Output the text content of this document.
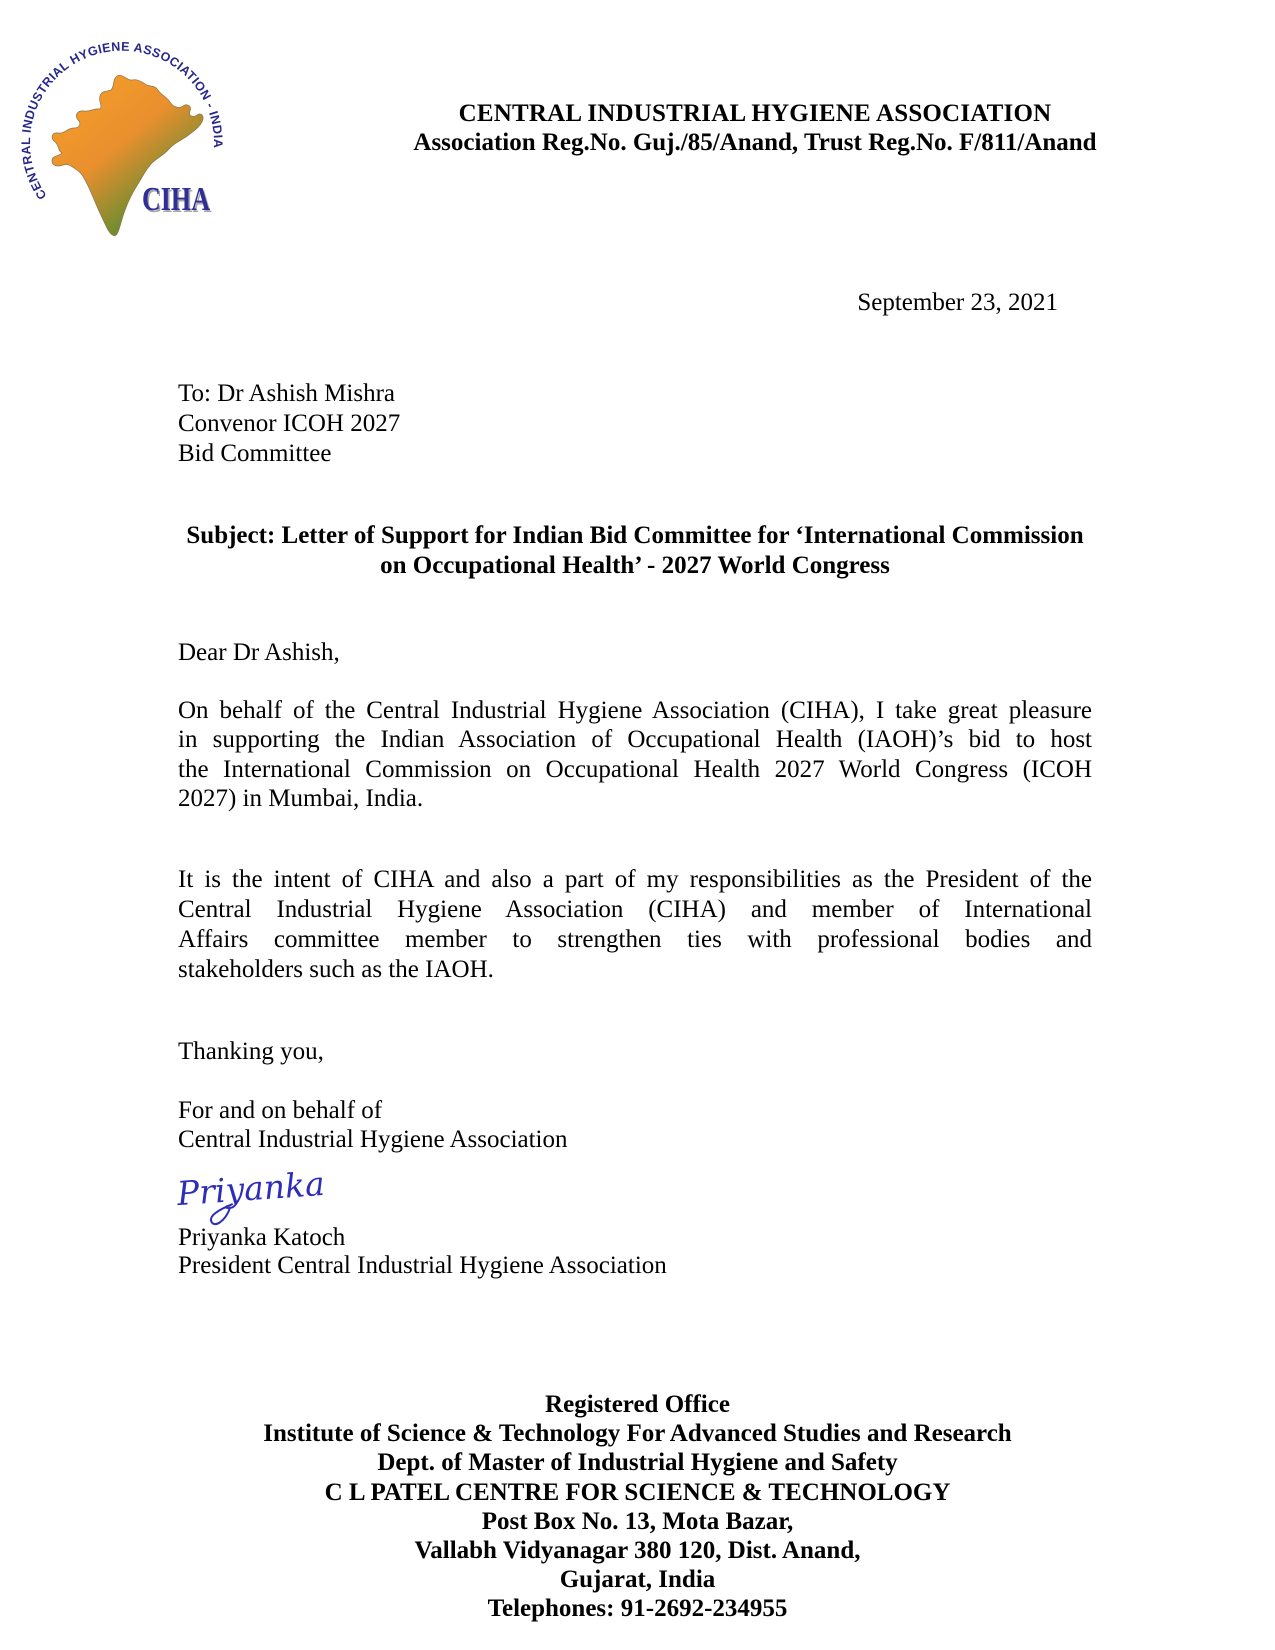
CENTRAL INDUSTRIAL HYGIENE ASSOCIATION - INDIA
CIHA
CENTRAL INDUSTRIAL HYGIENE ASSOCIATION
Association Reg.No. Guj./85/Anand, Trust Reg.No. F/811/Anand
September 23, 2021
To: Dr Ashish Mishra
Convenor ICOH 2027
Bid Committee
Subject: Letter of Support for Indian Bid Committee for ‘International Commission
on Occupational Health’ - 2027 World Congress
Dear Dr Ashish,
On behalf of the Central Industrial Hygiene Association (CIHA), I take great pleasure
in supporting the Indian Association of Occupational Health (IAOH)’s bid to host
the International Commission on Occupational Health 2027 World Congress (ICOH
2027) in Mumbai, India.
It is the intent of CIHA and also a part of my responsibilities as the President of the
Central Industrial Hygiene Association (CIHA) and member of International
Affairs committee member to strengthen ties with professional bodies and
stakeholders such as the IAOH.
Thanking you,
For and on behalf of
Central Industrial Hygiene Association
Priyanka
Priyanka Katoch
President Central Industrial Hygiene Association
Registered Office
Institute of Science & Technology For Advanced Studies and Research
Dept. of Master of Industrial Hygiene and Safety
C L PATEL CENTRE FOR SCIENCE & TECHNOLOGY
Post Box No. 13, Mota Bazar,
Vallabh Vidyanagar 380 120, Dist. Anand,
Gujarat, India
Telephones: 91-2692-234955
